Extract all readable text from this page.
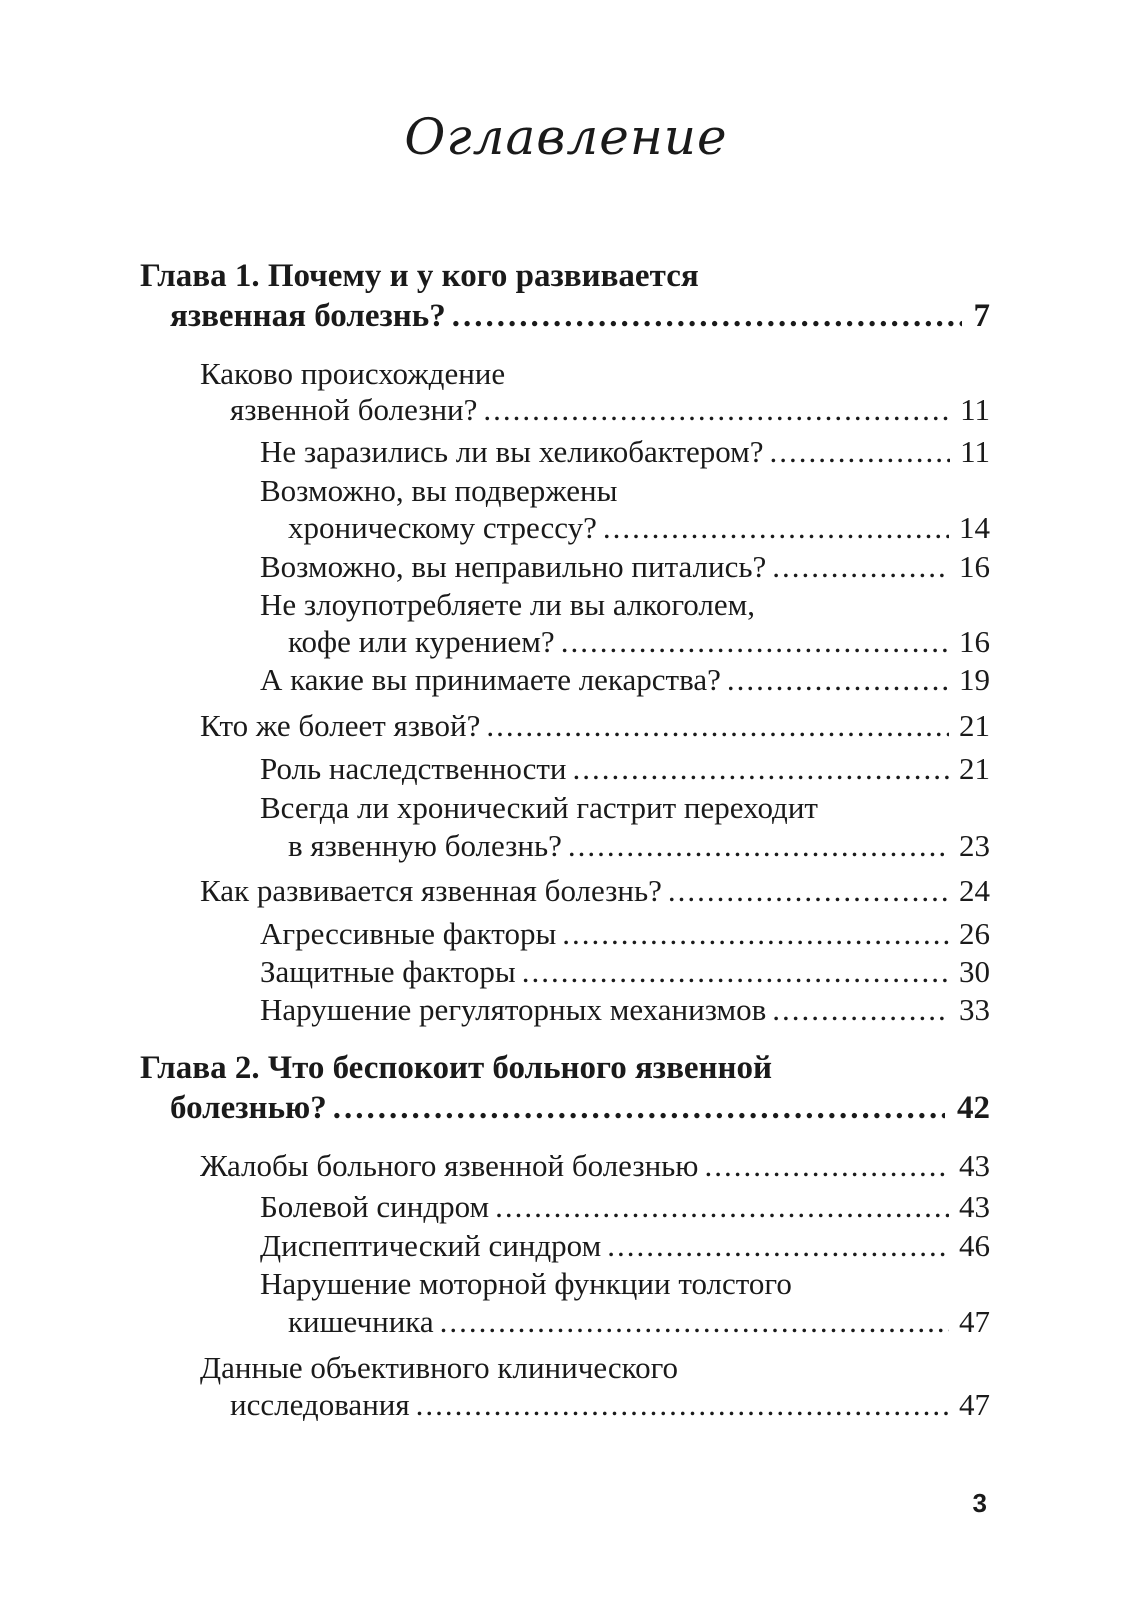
Оглавление
Глава 1. Почему и у кого развивается
язвенная болезнь? .....	7
Каково происхождение
язвенной болезни? .....	11
Не заразились ли вы хеликобактером? .....	11
Возможно, вы подвержены
хроническому стрессу? .....	14
Возможно, вы неправильно питались? .....	16
Не злоупотребляете ли вы алкоголем,
кофе или курением? .....	16
А какие вы принимаете лекарства? .....	19
Кто же болеет язвой? .....	21
Роль наследственности .....	21
Всегда ли хронический гастрит переходит
в язвенную болезнь? .....	23
Как развивается язвенная болезнь? .....	24
Агрессивные факторы .....	26
Защитные факторы .....	30
Нарушение регуляторных механизмов .....	33
Глава 2. Что беспокоит больного язвенной
болезнью? .....	42
Жалобы больного язвенной болезнью .....	43
Болевой синдром .....	43
Диспептический синдром .....	46
Нарушение моторной функции толстого
кишечника .....	47
Данные объективного клинического
исследования .....	47
3
